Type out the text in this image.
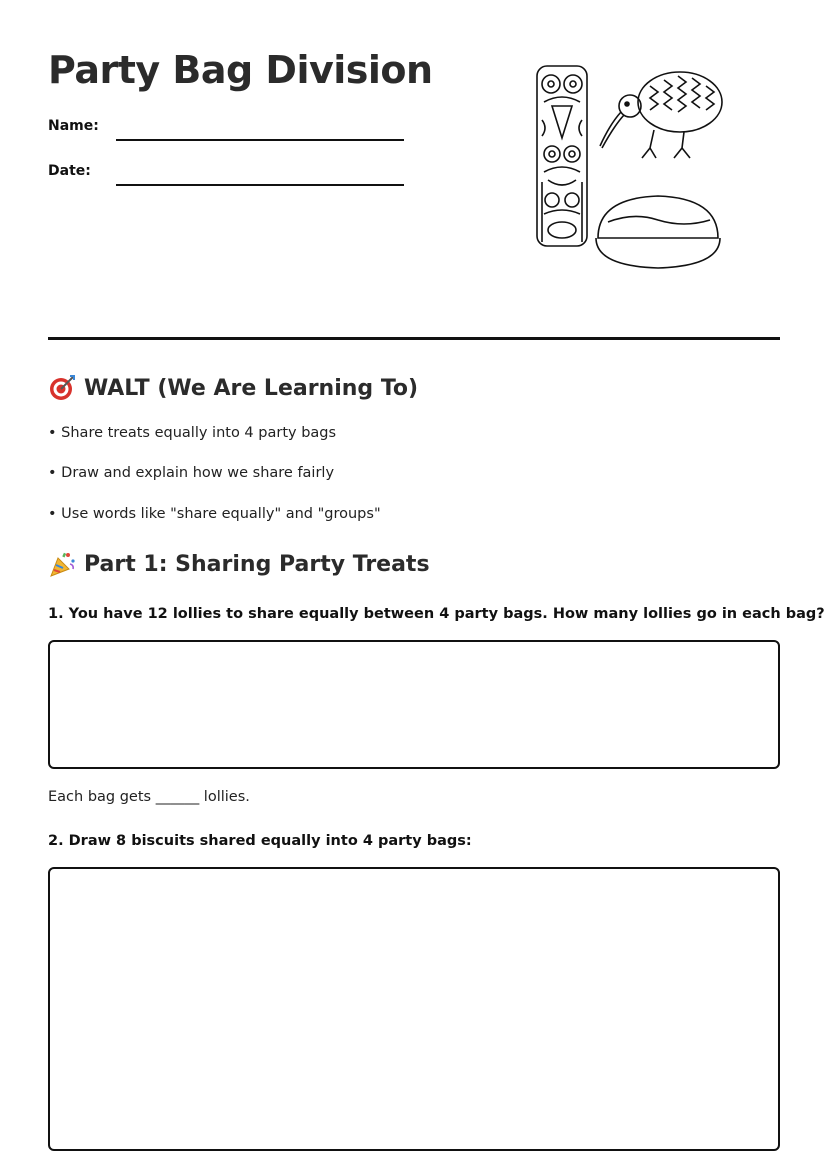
Party Bag Division
Name:
Date:
WALT (We Are Learning To)
• Share treats equally into 4 party bags
• Draw and explain how we share fairly
• Use words like "share equally" and "groups"
Part 1: Sharing Party Treats
1. You have 12 lollies to share equally between 4 party bags. How many lollies go in each bag?
Each bag gets ______ lollies.
2. Draw 8 biscuits shared equally into 4 party bags:
